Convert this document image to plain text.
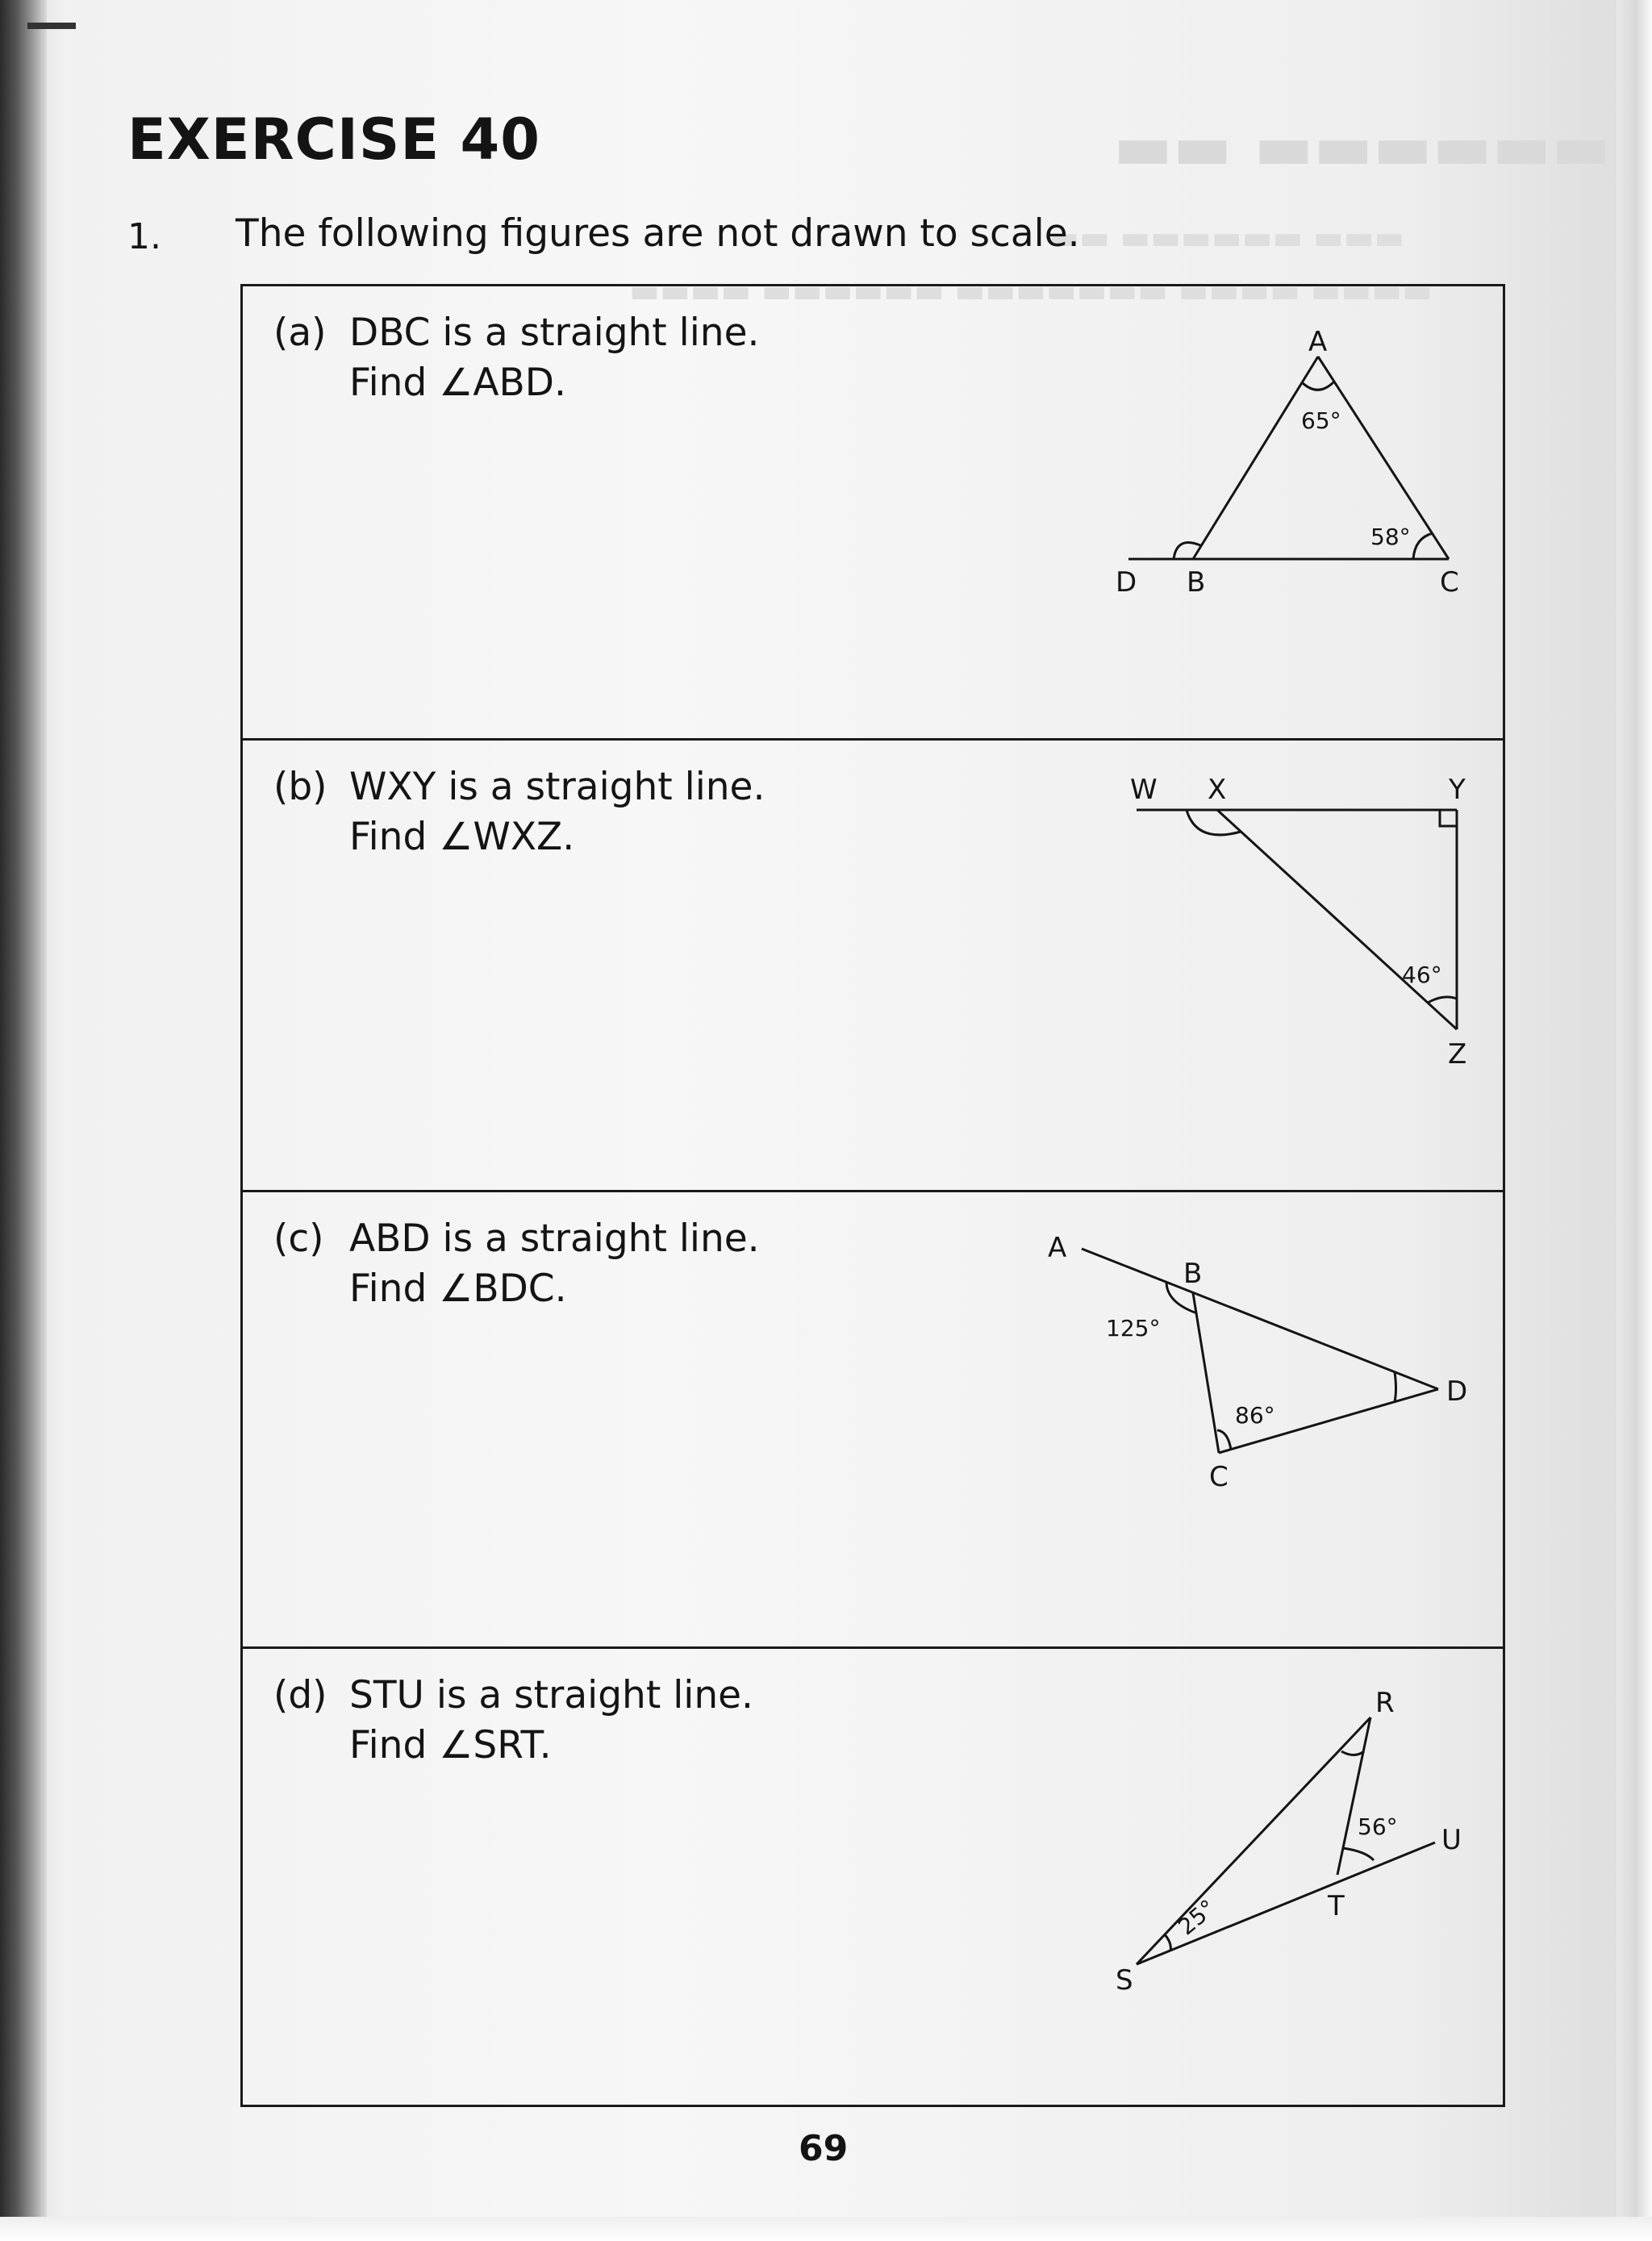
▬▬▬▬▬▬ ▬▬
▬▬▬ ▬▬▬▬▬▬ ▬▬
▬▬▬▬ ▬▬▬▬ ▬▬▬▬▬▬▬ ▬▬▬▬▬▬ ▬▬▬▬
EXERCISE 40
1. The following figures are not drawn to scale.
(a) DBC is a straight line.
Find ∠ABD.
A
B	C
D
65°
58°
(b) WXY is a straight line.
Find ∠WXZ.
W X	Y
Z
46°
(c) ABD is a straight line.
Find ∠BDC.
A
B
C
D
125°
86°
(d) STU is a straight line.
Find ∠SRT.
R
S
T
U
56°
25°
69
